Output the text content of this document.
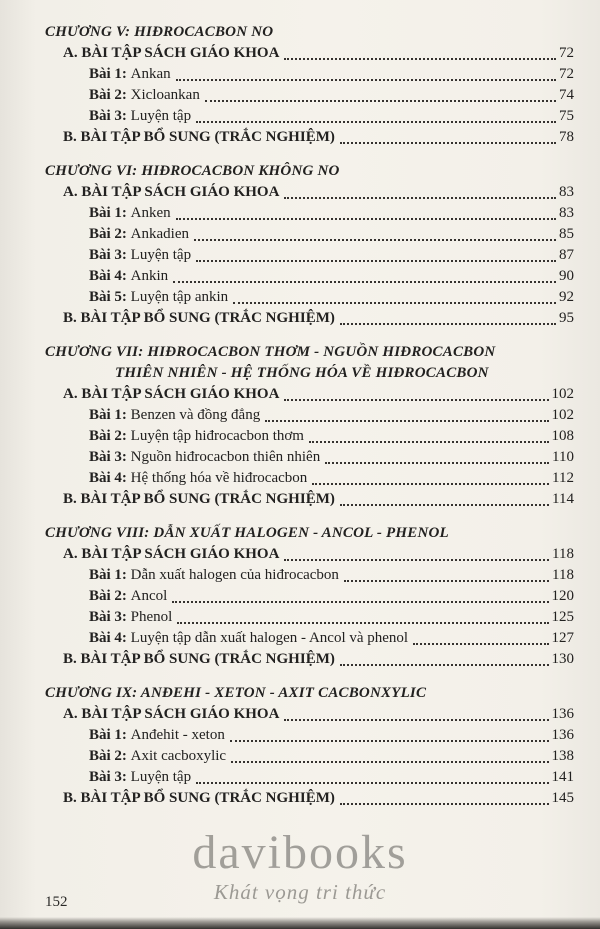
CHƯƠNG V: HIĐROCACBON NO
A. BÀI TẬP SÁCH GIÁO KHOA	72
Bài 1: Ankan	72
Bài 2: Xicloankan	74
Bài 3: Luyện tập	75
B. BÀI TẬP BỔ SUNG (TRẮC NGHIỆM)	78
CHƯƠNG VI: HIĐROCACBON KHÔNG NO
A. BÀI TẬP SÁCH GIÁO KHOA	83
Bài 1: Anken	83
Bài 2: Ankadien	85
Bài 3: Luyện tập	87
Bài 4: Ankin	90
Bài 5: Luyện tập ankin	92
B. BÀI TẬP BỔ SUNG (TRẮC NGHIỆM)	95
CHƯƠNG VII: HIĐROCACBON THƠM - NGUỒN HIĐROCACBON
THIÊN NHIÊN - HỆ THỐNG HÓA VỀ HIĐROCACBON
A. BÀI TẬP SÁCH GIÁO KHOA	102
Bài 1: Benzen và đồng đẳng	102
Bài 2: Luyện tập hiđrocacbon thơm	108
Bài 3: Nguồn hiđrocacbon thiên nhiên	110
Bài 4: Hệ thống hóa về hiđrocacbon	112
B. BÀI TẬP BỔ SUNG (TRẮC NGHIỆM)	114
CHƯƠNG VIII: DẪN XUẤT HALOGEN - ANCOL - PHENOL
A. BÀI TẬP SÁCH GIÁO KHOA	118
Bài 1: Dẫn xuất halogen của hiđrocacbon	118
Bài 2: Ancol	120
Bài 3: Phenol	125
Bài 4: Luyện tập dẫn xuất halogen - Ancol và phenol	127
B. BÀI TẬP BỔ SUNG (TRẮC NGHIỆM)	130
CHƯƠNG IX: ANĐEHI - XETON - AXIT CACBONXYLIC
A. BÀI TẬP SÁCH GIÁO KHOA	136
Bài 1: Anđehit - xeton	136
Bài 2: Axit cacboxylic	138
Bài 3: Luyện tập	141
B. BÀI TẬP BỔ SUNG (TRẮC NGHIỆM)	145
davibooks
Khát vọng tri thức
152
